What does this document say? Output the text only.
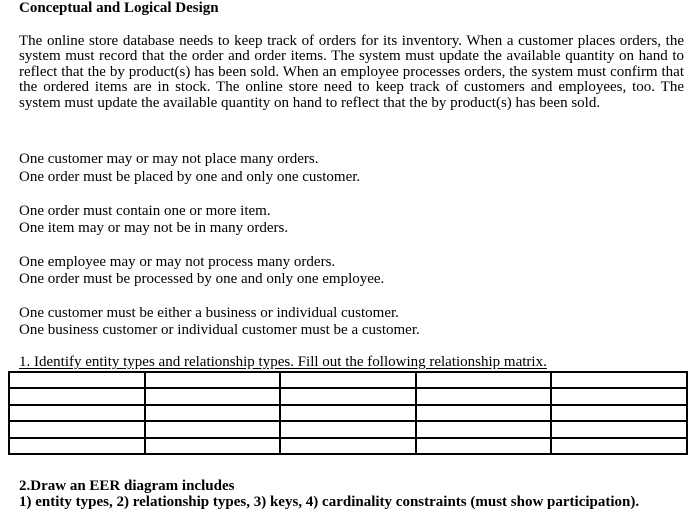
Conceptual and Logical Design
The online store database needs to keep track of orders for its inventory. When a customer places orders, the system must record that the order and order items. The system must update the available quantity on hand to reflect that the by product(s) has been sold. When an employee processes orders, the system must confirm that the ordered items are in stock. The online store need to keep track of customers and employees, too. The system must update the available quantity on hand to reflect that the by product(s) has been sold.
One customer may or may not place many orders.
One order must be placed by one and only one customer.
One order must contain one or more item.
One item may or may not be in many orders.
One employee may or may not process many orders.
One order must be processed by one and only one employee.
One customer must be either a business or individual customer.
One business customer or individual customer must be a customer.
1. Identify entity types and relationship types. Fill out the following relationship matrix.

2.Draw an EER diagram includes
1) entity types, 2) relationship types, 3) keys, 4) cardinality constraints (must show participation).
